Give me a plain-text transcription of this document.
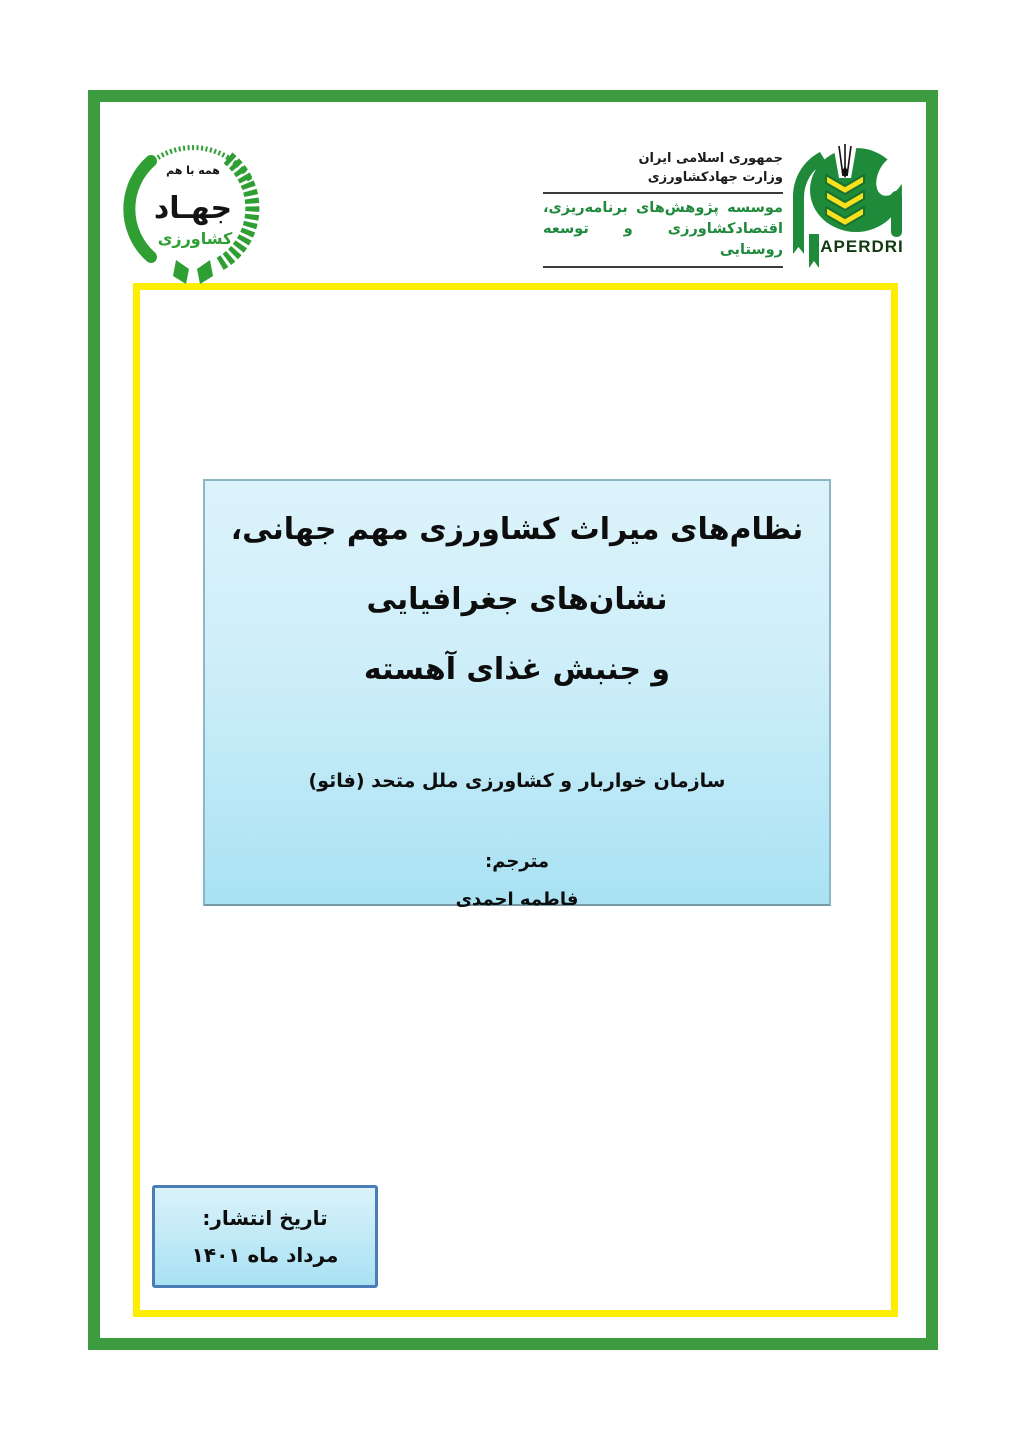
همه با هم
جهـاد
کشاورزی
جمهوری اسلامی ایران
وزارت جهادکشاورزی
موسسه پژوهش‌های برنامه‌ریزی،
اقتصادکشاورزی و توسعه روستایی APERDRI
نظام‌های میراث کشاورزی مهم جهانی،
نشان‌های جغرافیایی
و جنبش غذای آهسته
سازمان خواربار و کشاورزی ملل متحد (فائو)
مترجم:
فاطمه احمدی
تاریخ انتشار:
مرداد ماه ۱۴۰۱
